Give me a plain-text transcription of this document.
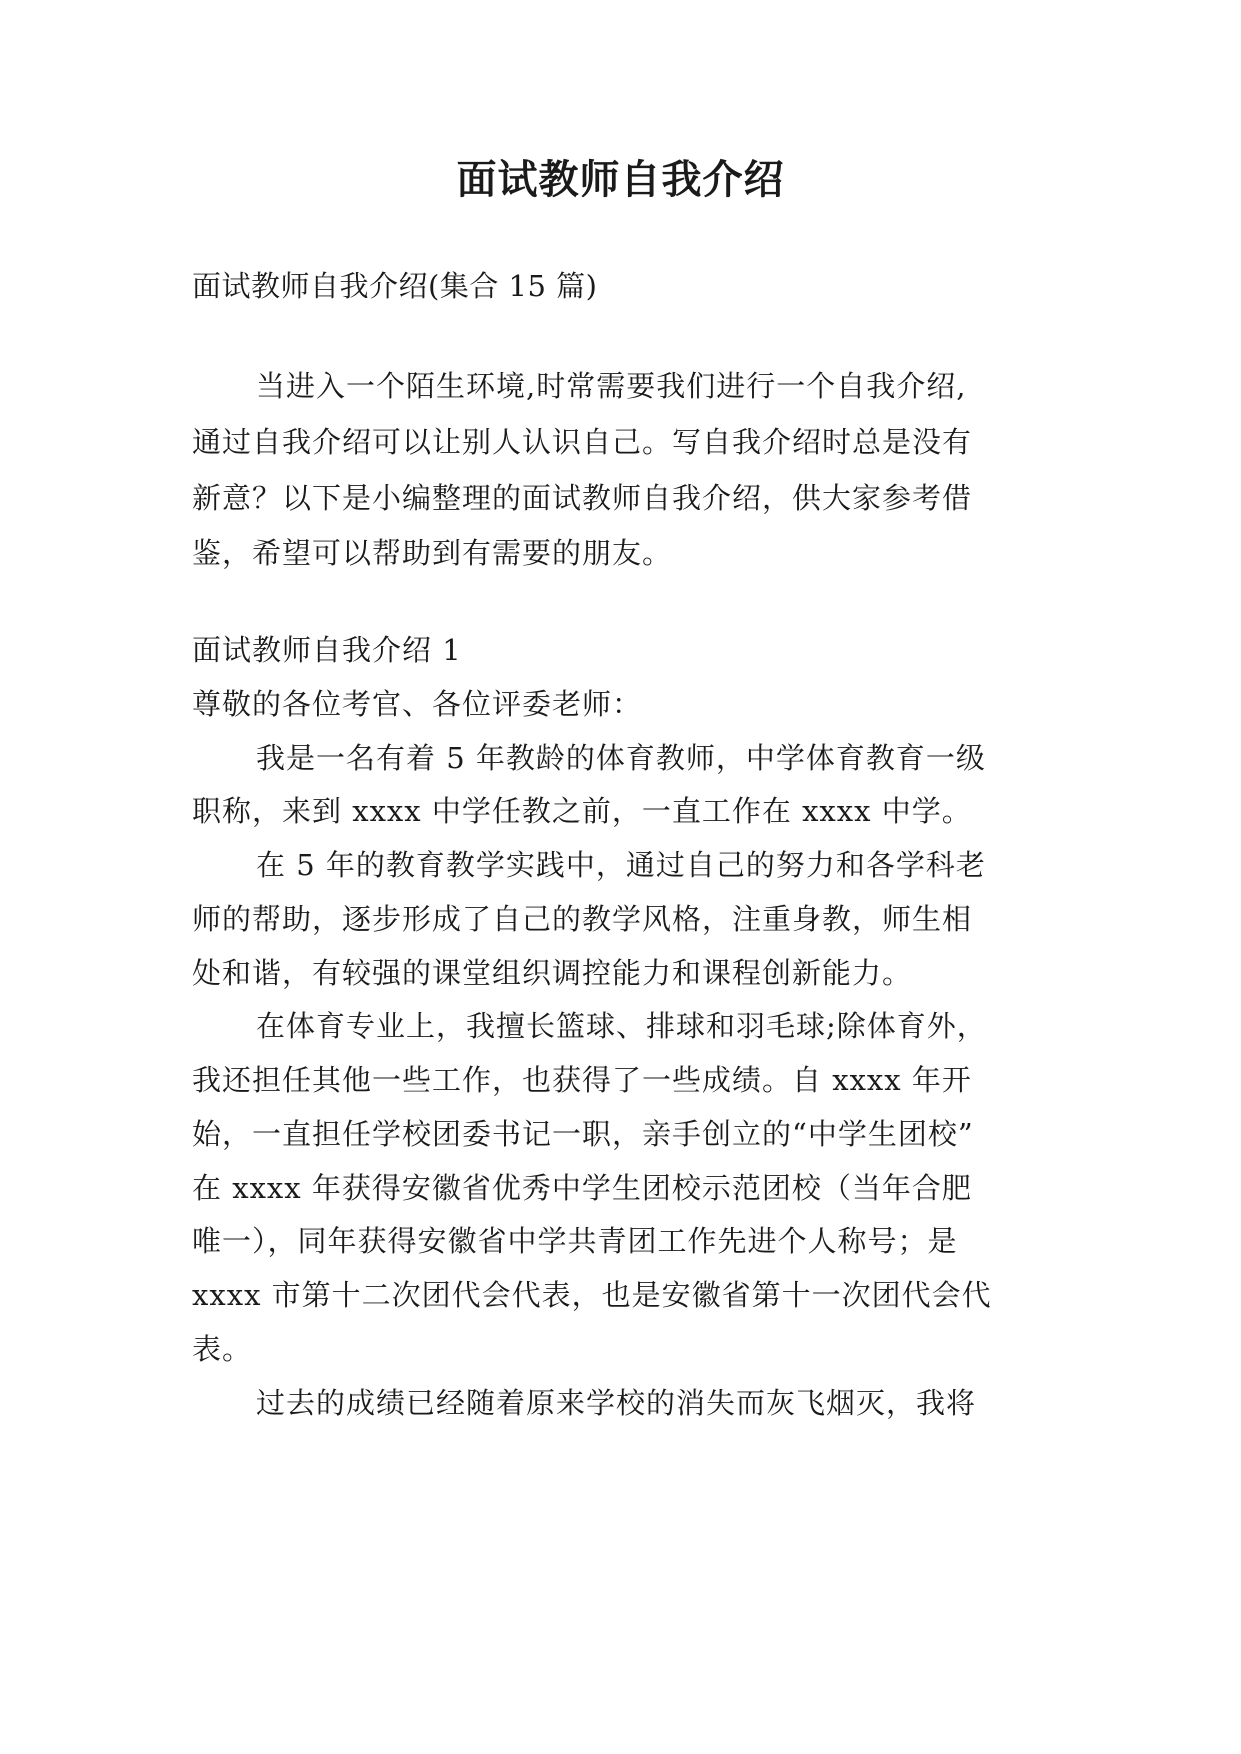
面试教师自我介绍

面试教师自我介绍(集合 15 篇)

当进入一个陌生环境,时常需要我们进行一个自我介绍,

通过自我介绍可以让别人认识自己。写自我介绍时总是没有

新意？以下是小编整理的面试教师自我介绍，供大家参考借

鉴，希望可以帮助到有需要的朋友。

面试教师自我介绍 1

尊敬的各位考官、各位评委老师：

我是一名有着 5 年教龄的体育教师，中学体育教育一级

职称，来到 xxxx 中学任教之前，一直工作在 xxxx 中学。

在 5 年的教育教学实践中，通过自己的努力和各学科老

师的帮助，逐步形成了自己的教学风格，注重身教，师生相

处和谐，有较强的课堂组织调控能力和课程创新能力。

在体育专业上，我擅长篮球、排球和羽毛球;除体育外，

我还担任其他一些工作，也获得了一些成绩。自 xxxx 年开

始，一直担任学校团委书记一职，亲手创立的“中学生团校”

在 xxxx 年获得安徽省优秀中学生团校示范团校（当年合肥

唯一），同年获得安徽省中学共青团工作先进个人称号；是

xxxx 市第十二次团代会代表，也是安徽省第十一次团代会代

表。

过去的成绩已经随着原来学校的消失而灰飞烟灭，我将
